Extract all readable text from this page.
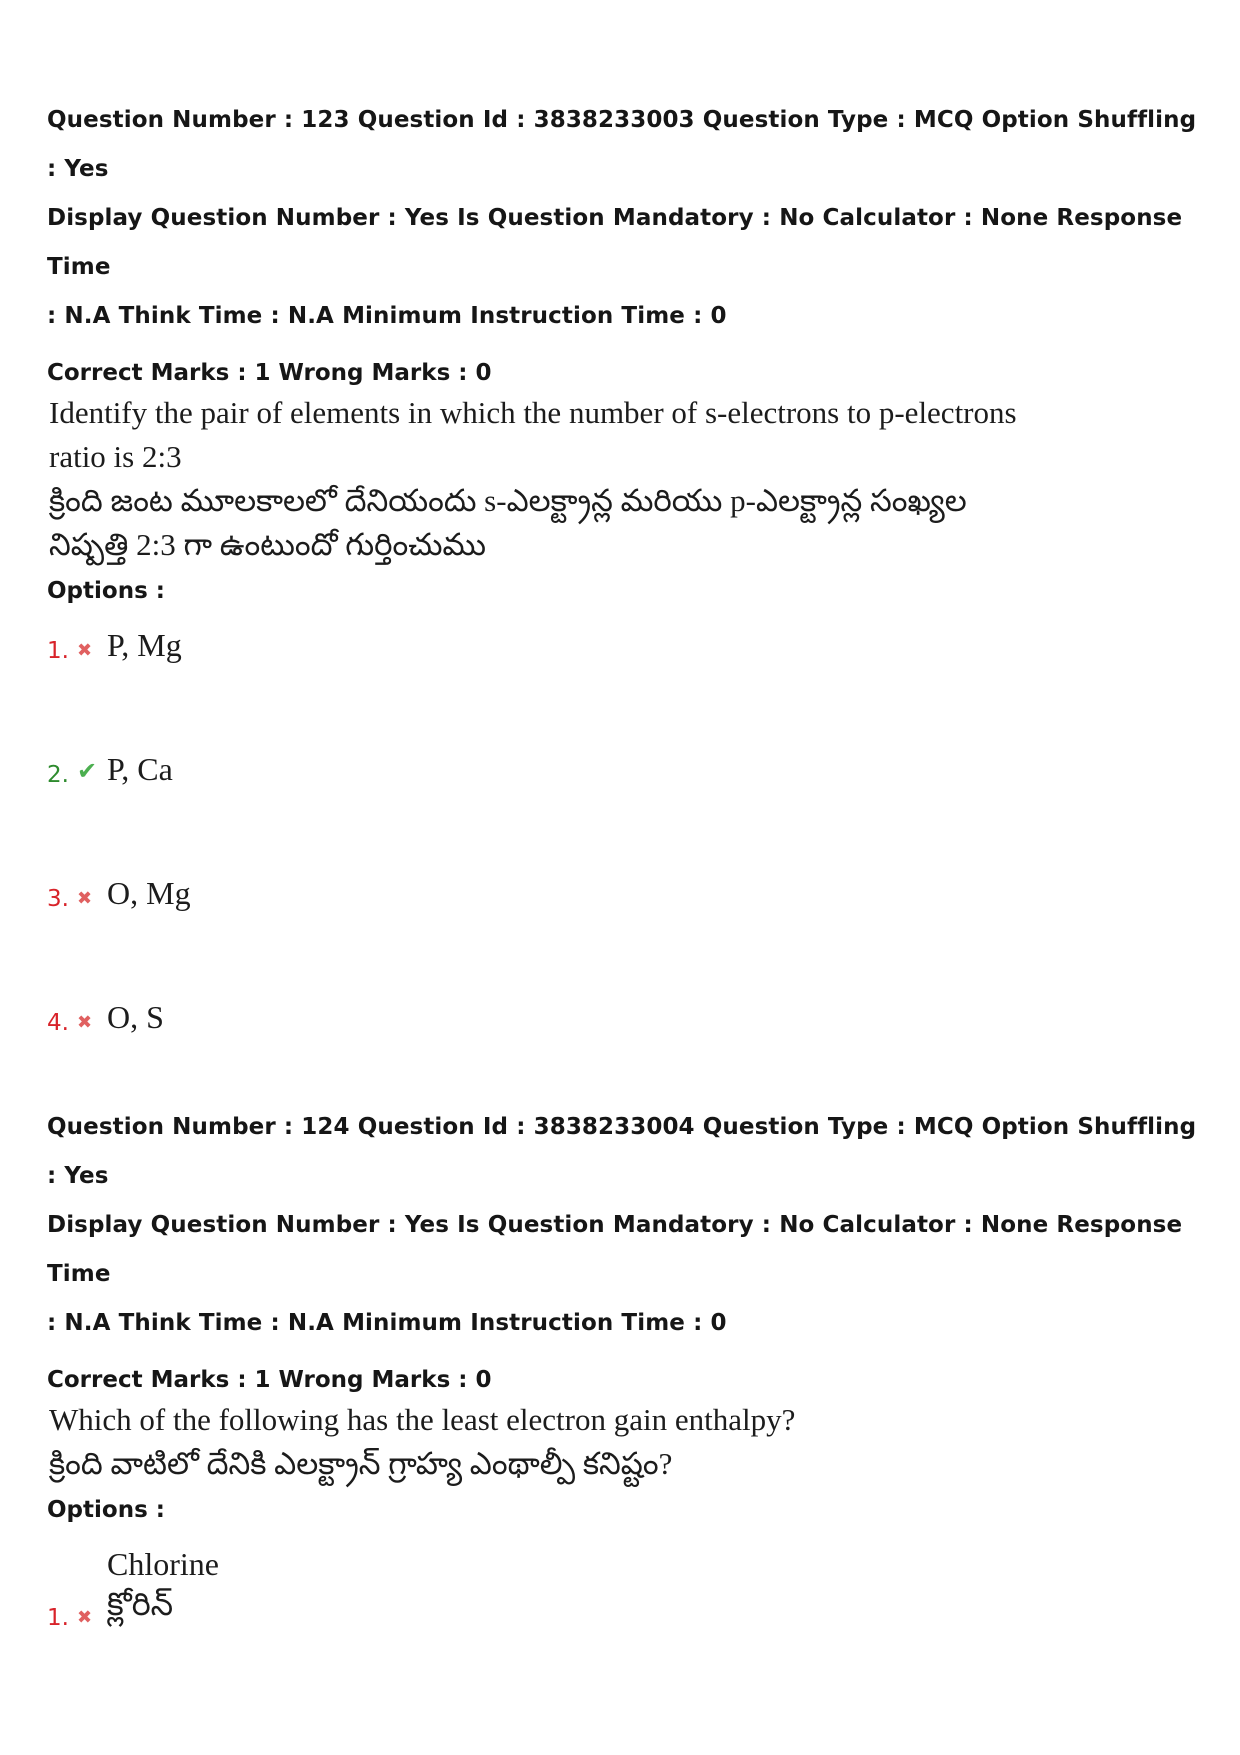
Question Number : 123 Question Id : 3838233003 Question Type : MCQ Option Shuffling : Yes
Display Question Number : Yes Is Question Mandatory : No Calculator : None Response Time
: N.A Think Time : N.A Minimum Instruction Time : 0

Correct Marks : 1 Wrong Marks : 0

Identify the pair of elements in which the number of s-electrons to p-electrons
ratio is 2:3
క్రింది జంట మూలకాలలో దేనియందు s-ఎలక్ట్రాన్ల మరియు p-ఎలక్ట్రాన్ల సంఖ్యల
నిష్పత్తి 2:3 గా ఉంటుందో గుర్తించుము

Options :

1. ✖ P, Mg
2. ✔ P, Ca
3. ✖ O, Mg
4. ✖ O, S

Question Number : 124 Question Id : 3838233004 Question Type : MCQ Option Shuffling : Yes
Display Question Number : Yes Is Question Mandatory : No Calculator : None Response Time
: N.A Think Time : N.A Minimum Instruction Time : 0

Correct Marks : 1 Wrong Marks : 0

Which of the following has the least electron gain enthalpy?
క్రింది వాటిలో దేనికి ఎలక్ట్రాన్ గ్రాహ్య ఎంథాల్పీ కనిష్టం?

Options :

1. ✖
Chlorine
క్లోరిన్
